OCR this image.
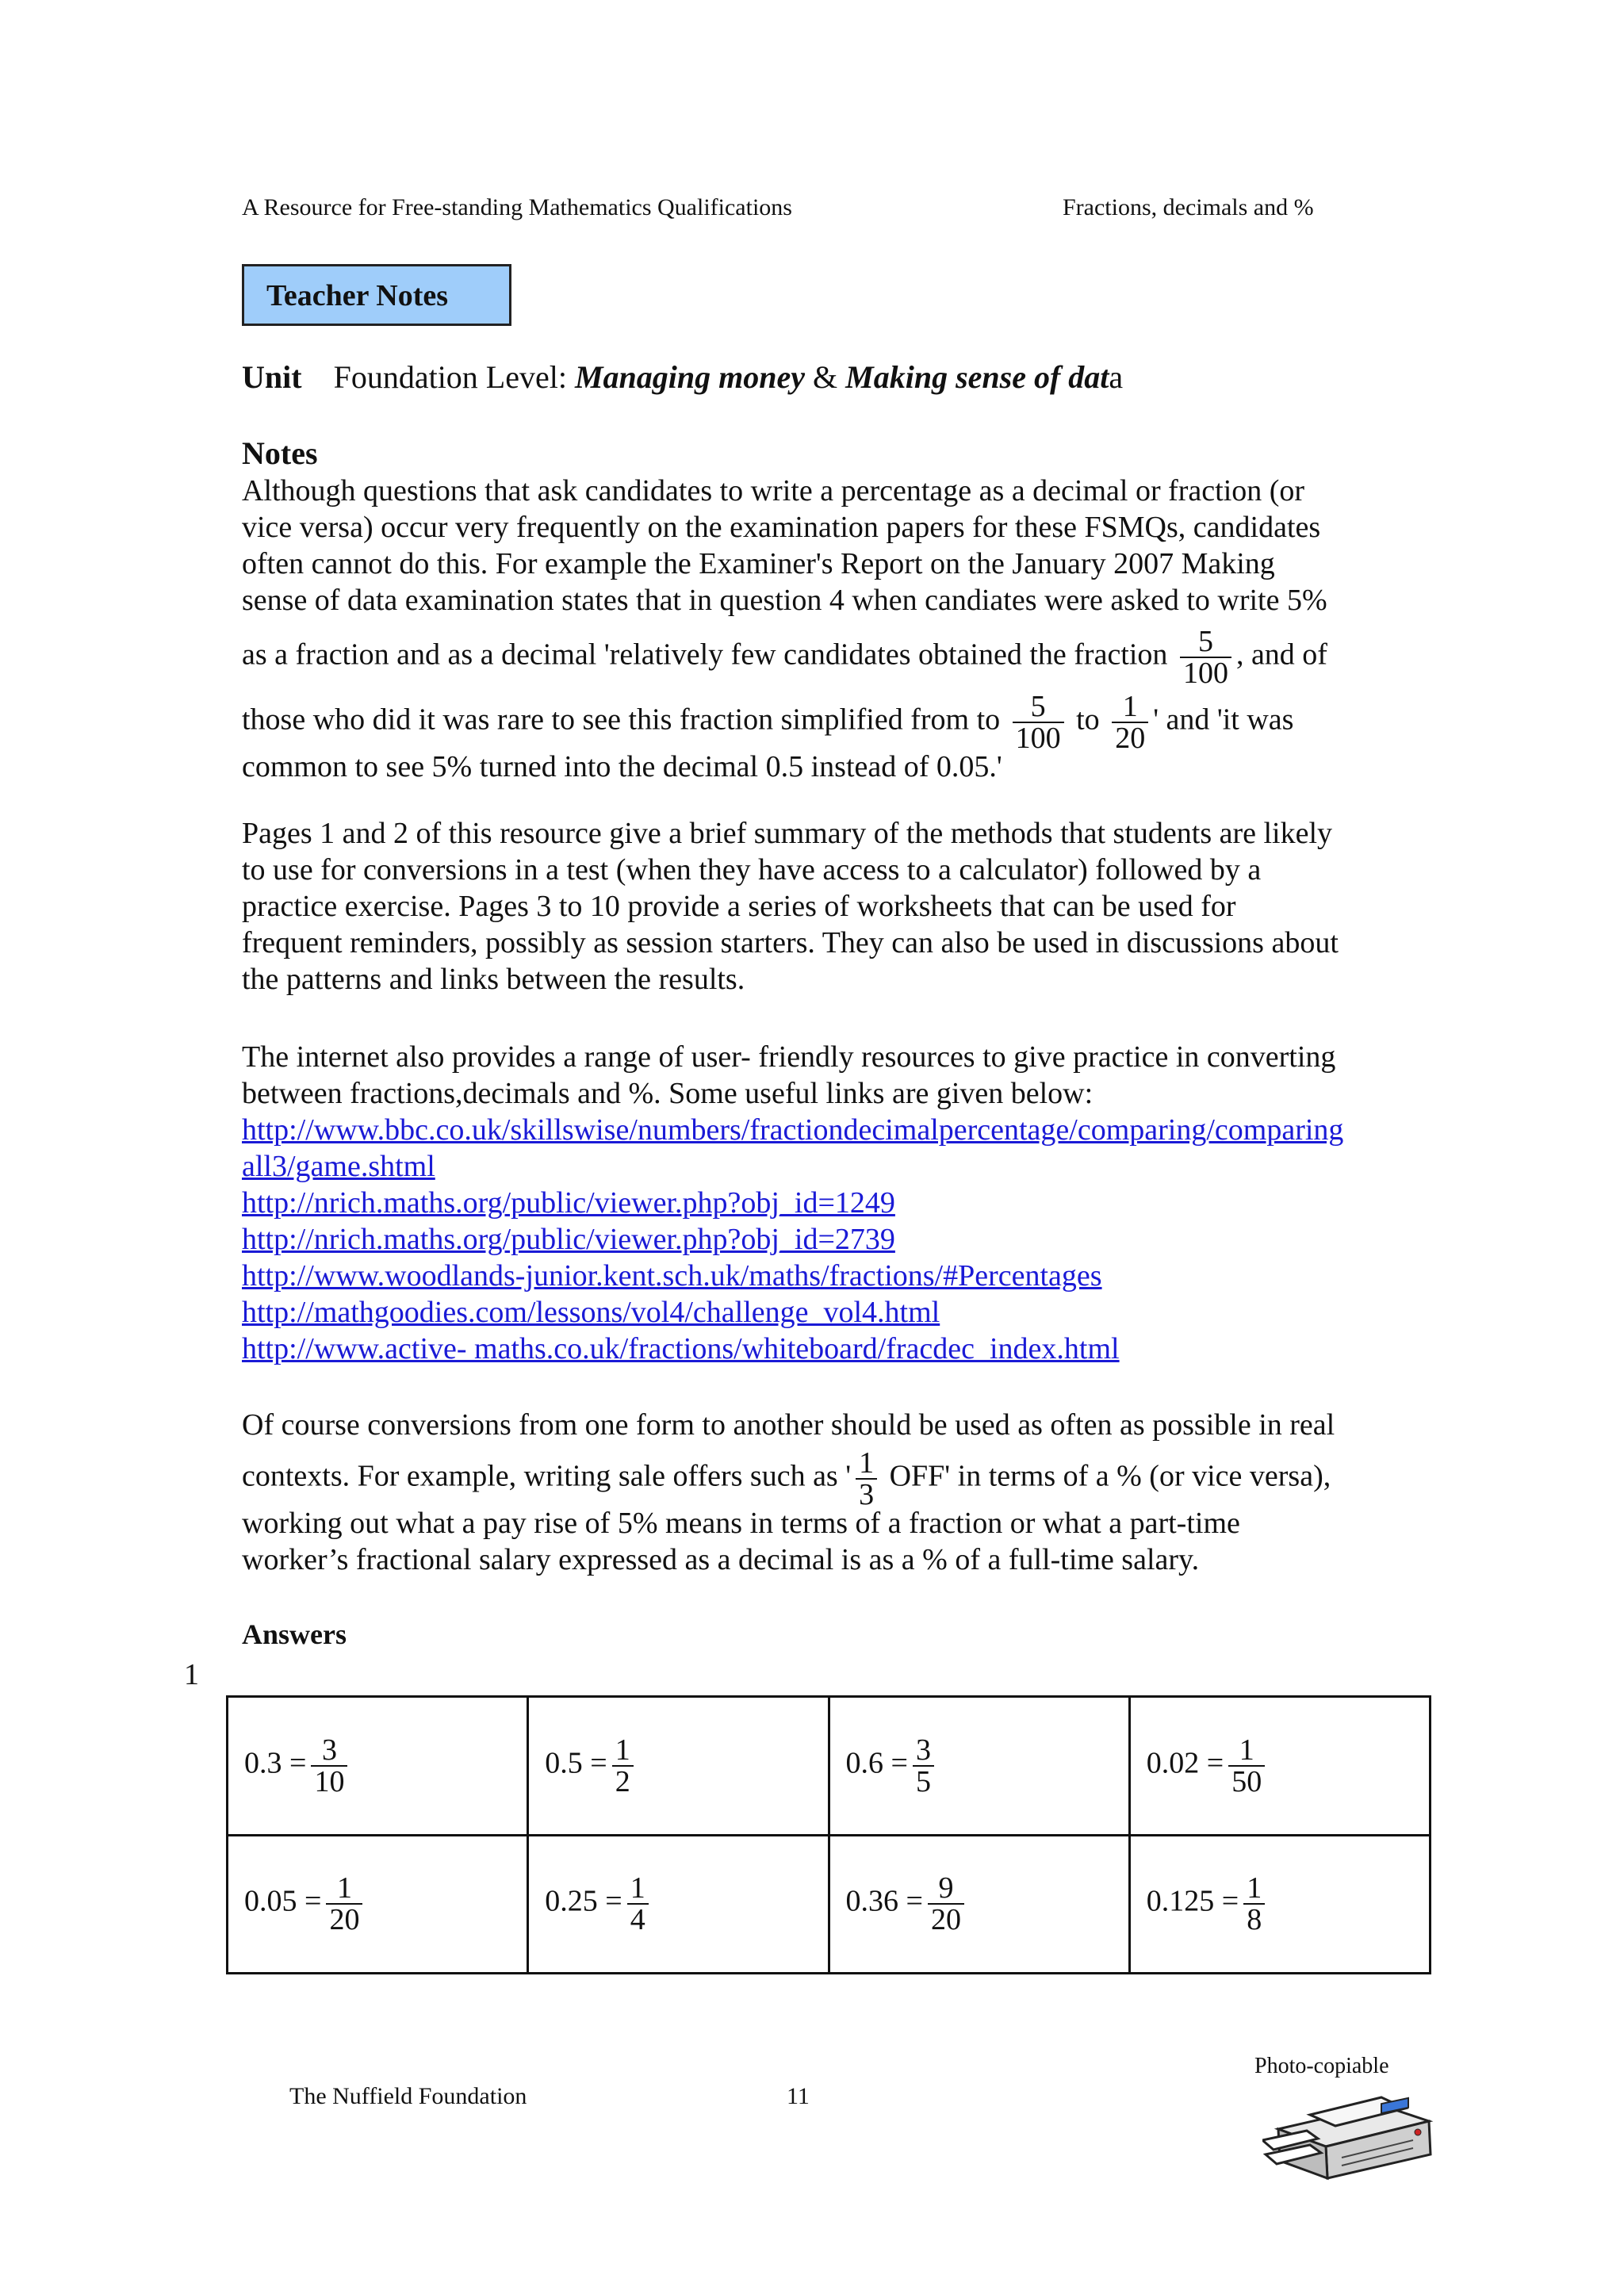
A Resource for Free-standing Mathematics Qualifications	Fractions, decimals and %
Teacher Notes
Unit Foundation Level: Managing money & Making sense of data
Notes
Although questions that ask candidates to write a percentage as a decimal or fraction (or
vice versa) occur very frequently on the examination papers for these FSMQs, candidates
often cannot do this. For example the Examiner's Report on the January 2007 Making
sense of data examination states that in question 4 when candiates were asked to write 5%
as a fraction and as a decimal 'relatively few candidates obtained the fraction $\frac{5}{100}$ , and of
those who did it was rare to see this fraction simplified from to $\frac{5}{100}$ to $\frac{1}{20}$ ' and 'it was
common to see 5% turned into the decimal 0.5 instead of 0.05.'
Pages 1 and 2 of this resource give a brief summary of the methods that students are likely
to use for conversions in a test (when they have access to a calculator) followed by a
practice exercise. Pages 3 to 10 provide a series of worksheets that can be used for
frequent reminders, possibly as session starters. They can also be used in discussions about
the patterns and links between the results.
The internet also provides a range of user- friendly resources to give practice in converting
between fractions,decimals and %. Some useful links are given below:
http://www.bbc.co.uk/skillswise/numbers/fractiondecimalpercentage/comparing/comparing
all3/game.shtml
http://nrich.maths.org/public/viewer.php?obj_id=1249
http://nrich.maths.org/public/viewer.php?obj_id=2739
http://www.woodlands-junior.kent.sch.uk/maths/fractions/#Percentages
http://mathgoodies.com/lessons/vol4/challenge_vol4.html
http://www.active- maths.co.uk/fractions/whiteboard/fracdec_index.html
Of course conversions from one form to another should be used as often as possible in real
contexts. For example, writing sale offers such as ' $\frac{1}{3} OFF'$ in terms of a % (or vice versa),
working out what a pay rise of 5% means in terms of a fraction or what a part-time
worker’s fractional salary expressed as a decimal is as a % of a full-time salary.
Answers
1
$0.3 = \frac{3}{10}$	$0.5 = \frac{1}{2}$	$0.6 = \frac{3}{5}$	$0.02 = \frac{1}{50}$

$0.05 = \frac{1}{20}$	$0.25 = \frac{1}{4}$	$0.36 = \frac{9}{20}$	$0.125 = \frac{1}{8}$
The Nuffield Foundation	11
Photo-copiable
